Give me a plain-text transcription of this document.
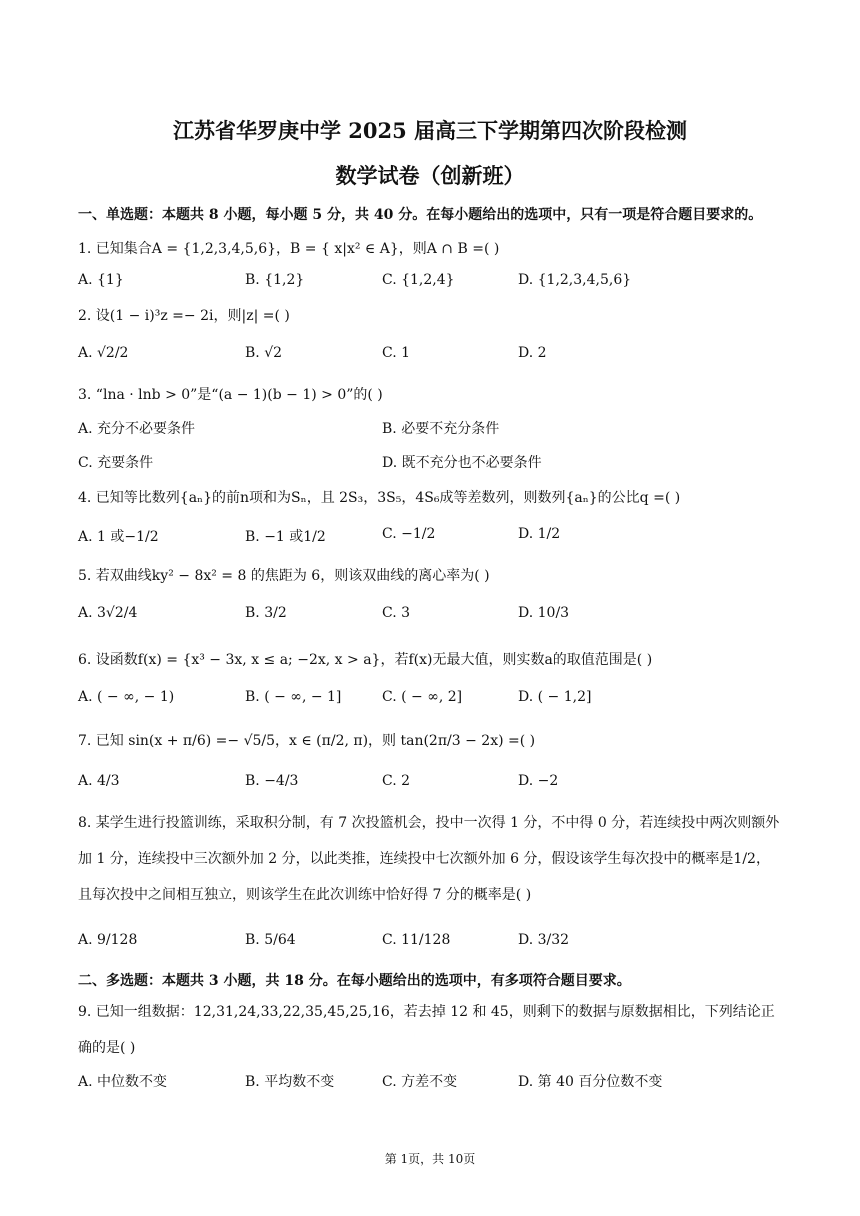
江苏省华罗庚中学 2025 届高三下学期第四次阶段检测
数学试卷（创新班）
一、单选题：本题共 8 小题，每小题 5 分，共 40 分。在每小题给出的选项中，只有一项是符合题目要求的。
1. 已知集合A = {1,2,3,4,5,6}，B = { x|x² ∈ A}，则A ∩ B =( )
A. {1}	B. {1,2}	C. {1,2,4}	D. {1,2,3,4,5,6}
2. 设(1 − i)³z =− 2i，则|z| =( )
A. √2/2	B. √2	C. 1	D. 2
3. “lna · lnb > 0”是“(a − 1)(b − 1) > 0”的( )
A. 充分不必要条件	B. 必要不充分条件
C. 充要条件	D. 既不充分也不必要条件
4. 已知等比数列{aₙ}的前n项和为Sₙ，且 2S₃，3S₅，4S₆成等差数列，则数列{aₙ}的公比q =( )
A. 1 或−1/2	B. −1 或1/2	C. −1/2	D. 1/2
5. 若双曲线ky² − 8x² = 8 的焦距为 6，则该双曲线的离心率为( )
A. 3√2/4	B. 3/2	C. 3	D. 10/3
6. 设函数f(x) = {x³ − 3x, x ≤ a; −2x, x > a}，若f(x)无最大值，则实数a的取值范围是( )
A. ( − ∞, − 1)	B. ( − ∞, − 1]	C. ( − ∞, 2]	D. ( − 1,2]
7. 已知 sin(x + π/6) =− √5/5，x ∈ (π/2, π)，则 tan(2π/3 − 2x) =( )
A. 4/3	B. −4/3	C. 2	D. −2
8. 某学生进行投篮训练，采取积分制，有 7 次投篮机会，投中一次得 1 分，不中得 0 分，若连续投中两次则额外加 1 分，连续投中三次额外加 2 分，以此类推，连续投中七次额外加 6 分，假设该学生每次投中的概率是1/2，且每次投中之间相互独立，则该学生在此次训练中恰好得 7 分的概率是( )
A. 9/128	B. 5/64	C. 11/128	D. 3/32
二、多选题：本题共 3 小题，共 18 分。在每小题给出的选项中，有多项符合题目要求。
9. 已知一组数据：12,31,24,33,22,35,45,25,16，若去掉 12 和 45，则剩下的数据与原数据相比，下列结论正确的是( )
A. 中位数不变	B. 平均数不变	C. 方差不变	D. 第 40 百分位数不变
第 1页，共 10页
